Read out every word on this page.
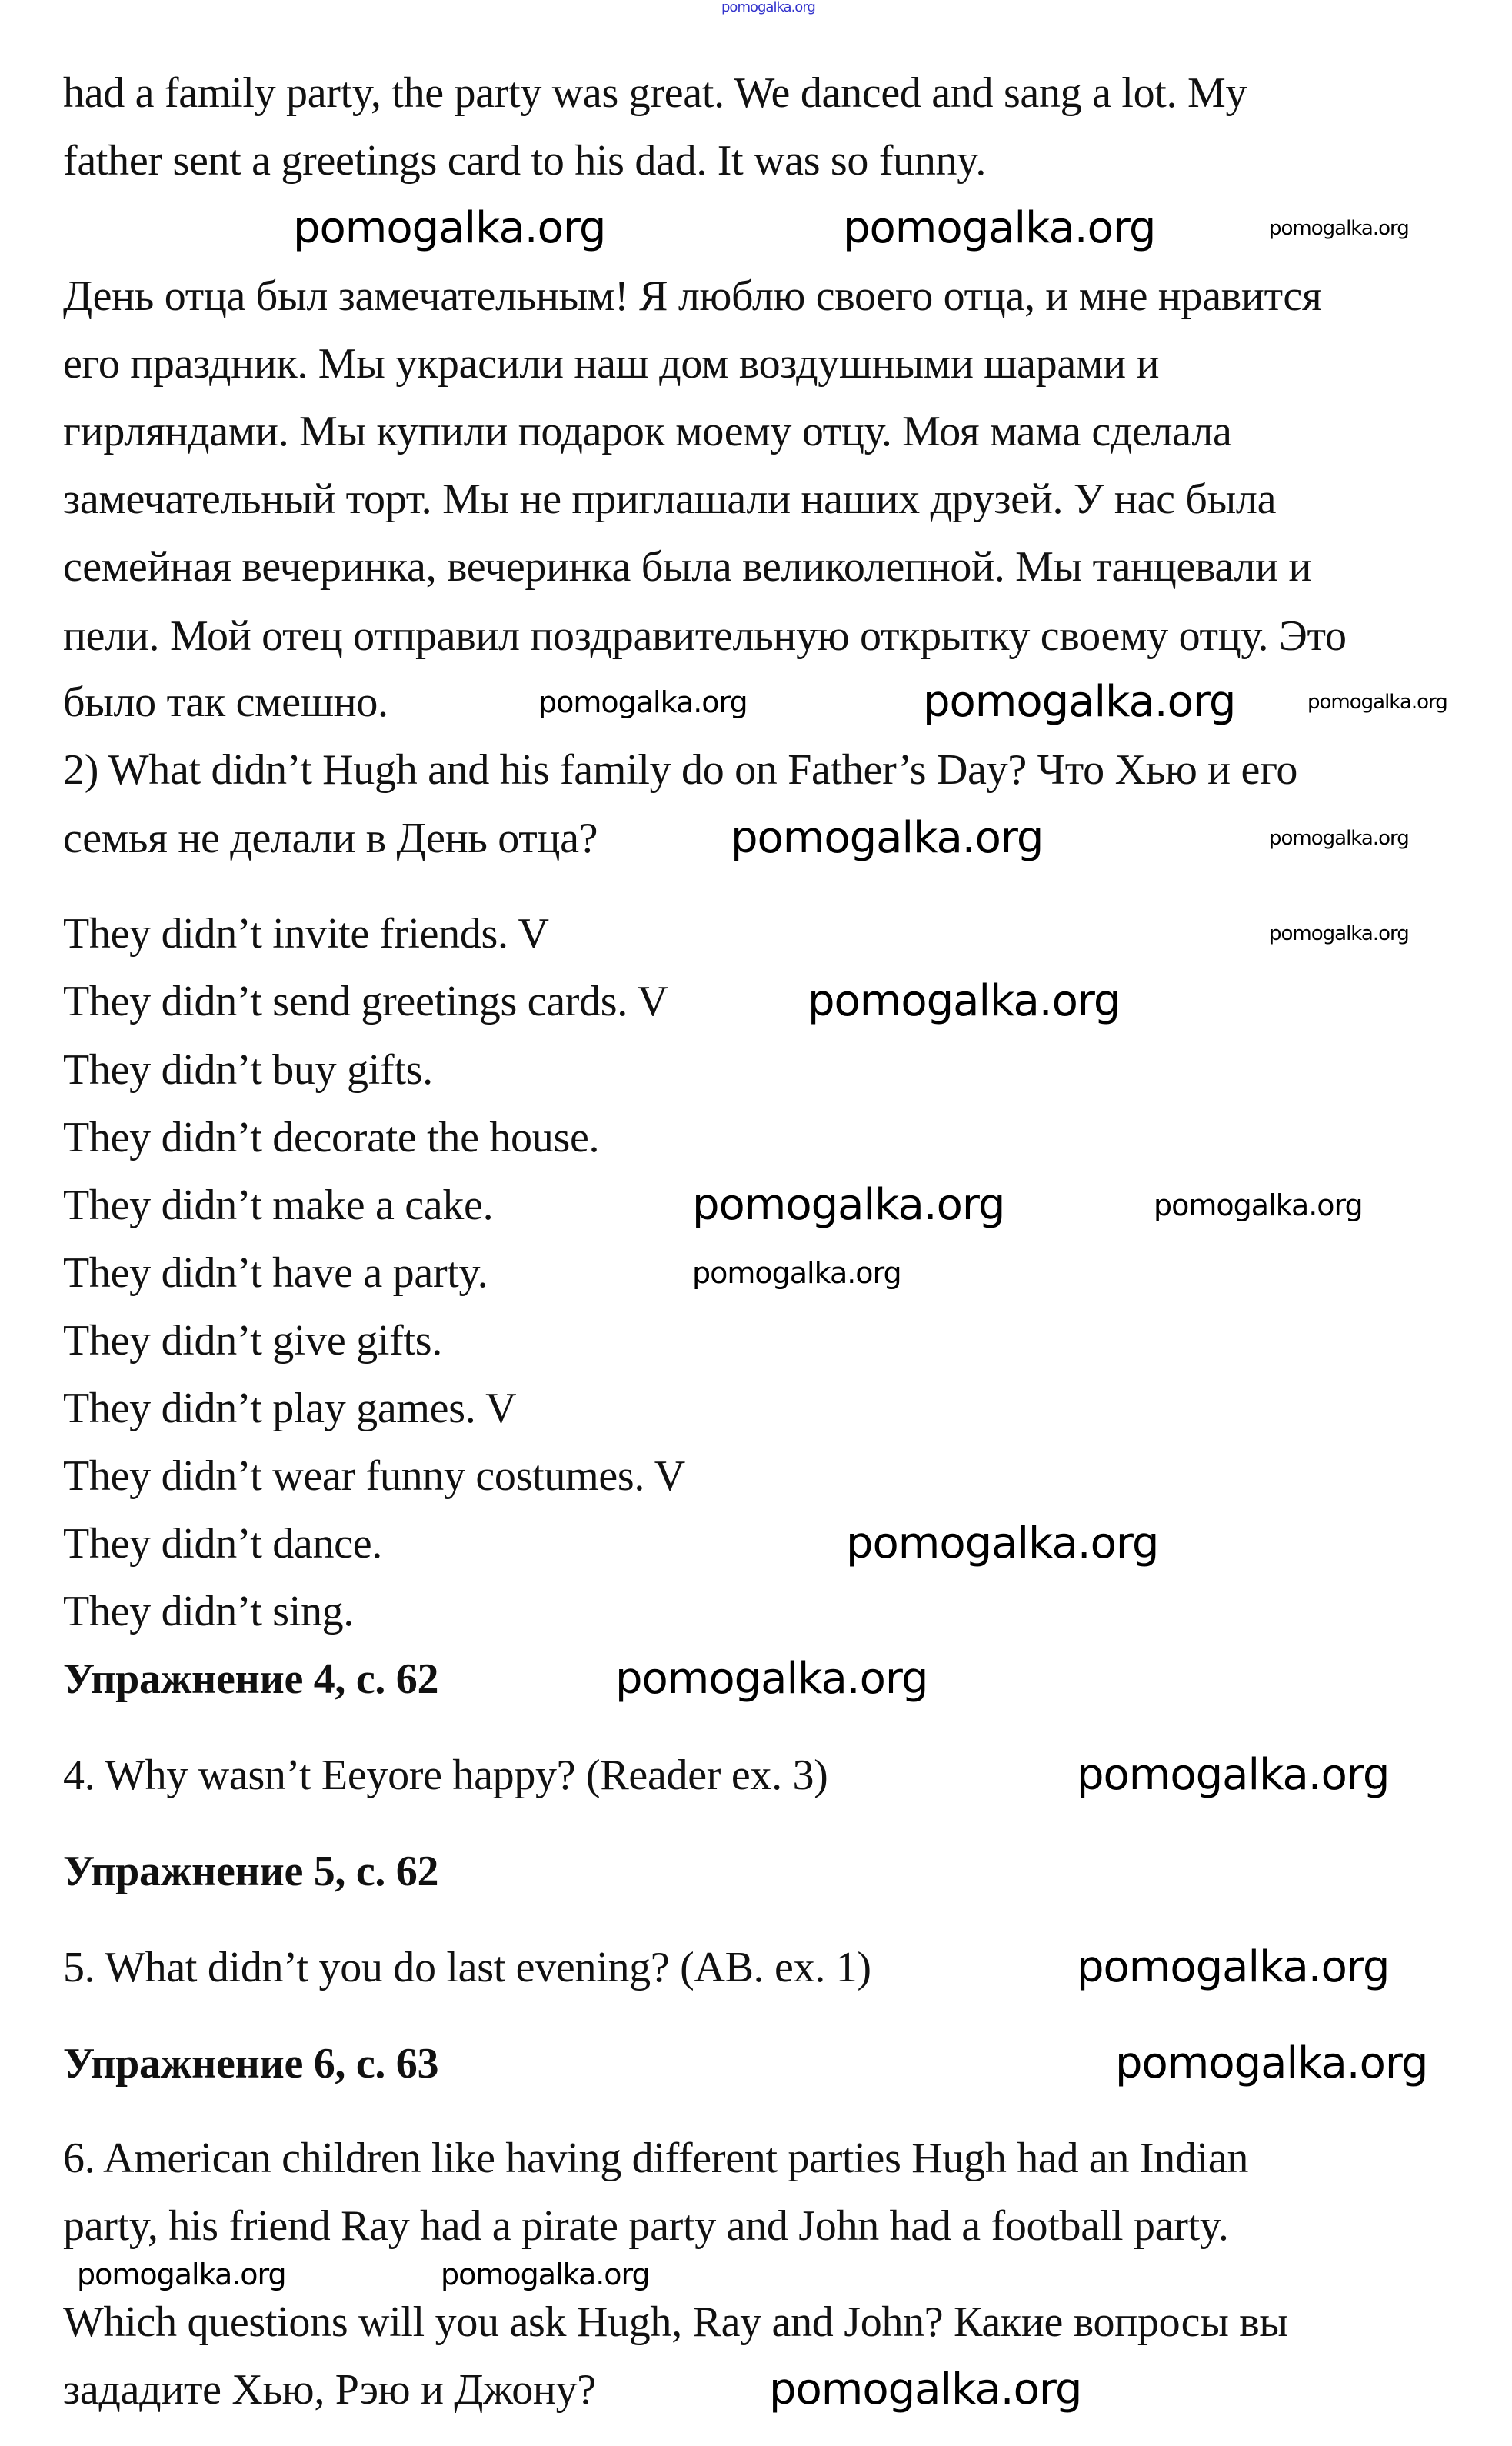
had a family party, the party was great. We danced and sang a lot. My
father sent a greetings card to his dad. It was so funny.
День отца был замечательным! Я люблю своего отца, и мне нравится
его праздник. Мы украсили наш дом воздушными шарами и
гирляндами. Мы купили подарок моему отцу. Моя мама сделала
замечательный торт. Мы не приглашали наших друзей. У нас была
семейная вечеринка, вечеринка была великолепной. Мы танцевали и
пели. Мой отец отправил поздравительную открытку своему отцу. Это
было так смешно.
2) What didn’t Hugh and his family do on Father’s Day? Что Хью и его
семья не делали в День отца?
They didn’t invite friends. V
They didn’t send greetings cards. V
They didn’t buy gifts.
They didn’t decorate the house.
They didn’t make a cake.
They didn’t have a party.
They didn’t give gifts.
They didn’t play games. V
They didn’t wear funny costumes. V
They didn’t dance.
They didn’t sing.
Упражнение 4, с. 62
4. Why wasn’t Eeyore happy? (Reader ex. 3)
Упражнение 5, с. 62
5. What didn’t you do last evening? (AB. ex. 1)
Упражнение 6, с. 63
6. American children like having different parties Hugh had an Indian
party, his friend Ray had a pirate party and John had a football party.
Which questions will you ask Hugh, Ray and John? Какие вопросы вы
зададите Хью, Рэю и Джону?
pomogalka.org
pomogalka.org	pomogalka.org	pomogalka.org
pomogalka.org	pomogalka.org	pomogalka.org
pomogalka.org
pomogalka.org
pomogalka.org
pomogalka.org
pomogalka.org	pomogalka.org
pomogalka.org
pomogalka.org
pomogalka.org
pomogalka.org
pomogalka.org
pomogalka.org
pomogalka.org	pomogalka.org
pomogalka.org
